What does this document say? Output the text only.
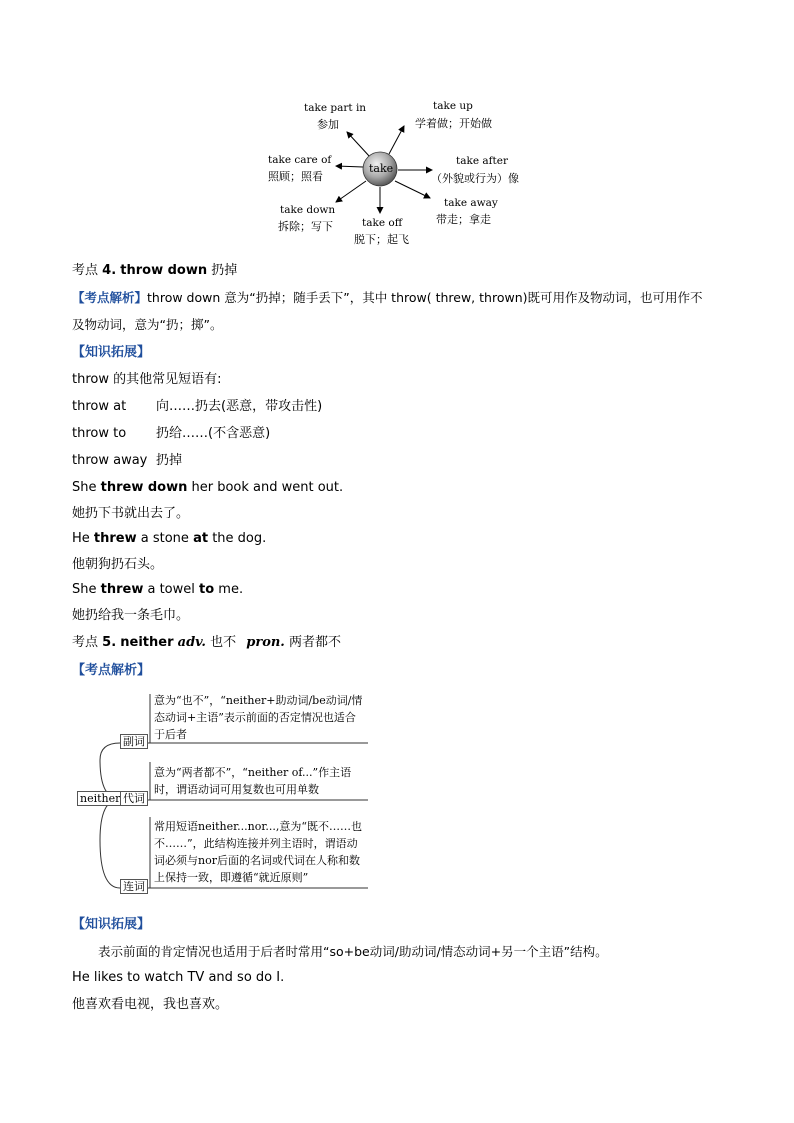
take
take part in
参加
take up
学着做；开始做
take care of
照顾；照看
take after
（外貌或行为）像
take down
拆除；写下	take off
脱下；起飞
take away
带走；拿走
考点 4. throw down 扔掉
【考点解析】throw down 意为“扔掉；随手丢下”，其中 throw( threw, thrown)既可用作及物动词，也可用作不
及物动词，意为“扔；掷”。
【知识拓展】
throw 的其他常见短语有:
throw at 向……扔去(恶意，带攻击性)
throw to 扔给……(不含恶意)
throw away 扔掉
She threw down her book and went out.
她扔下书就出去了。
He threw a stone at the dog.
他朝狗扔石头。
She threw a towel to me.
她扔给我一条毛巾。
考点 5. neither adv. 也不 pron. 两者都不
【考点解析】
neither
副词
意为“也不”，“neither+助动词/be动词/情态动词+主语”表示前面的否定情况也适合于后者
代词
意为“两者都不”，“neither of...”作主语时，谓语动词可用复数也可用单数
连词
常用短语neither...nor...,意为“既不……也不……”，此结构连接并列主语时，谓语动词必须与nor后面的名词或代词在人称和数上保持一致，即遵循“就近原则”
【知识拓展】
表示前面的肯定情况也适用于后者时常用“so+be动词/助动词/情态动词+另一个主语”结构。
He likes to watch TV and so do I.
他喜欢看电视，我也喜欢。
